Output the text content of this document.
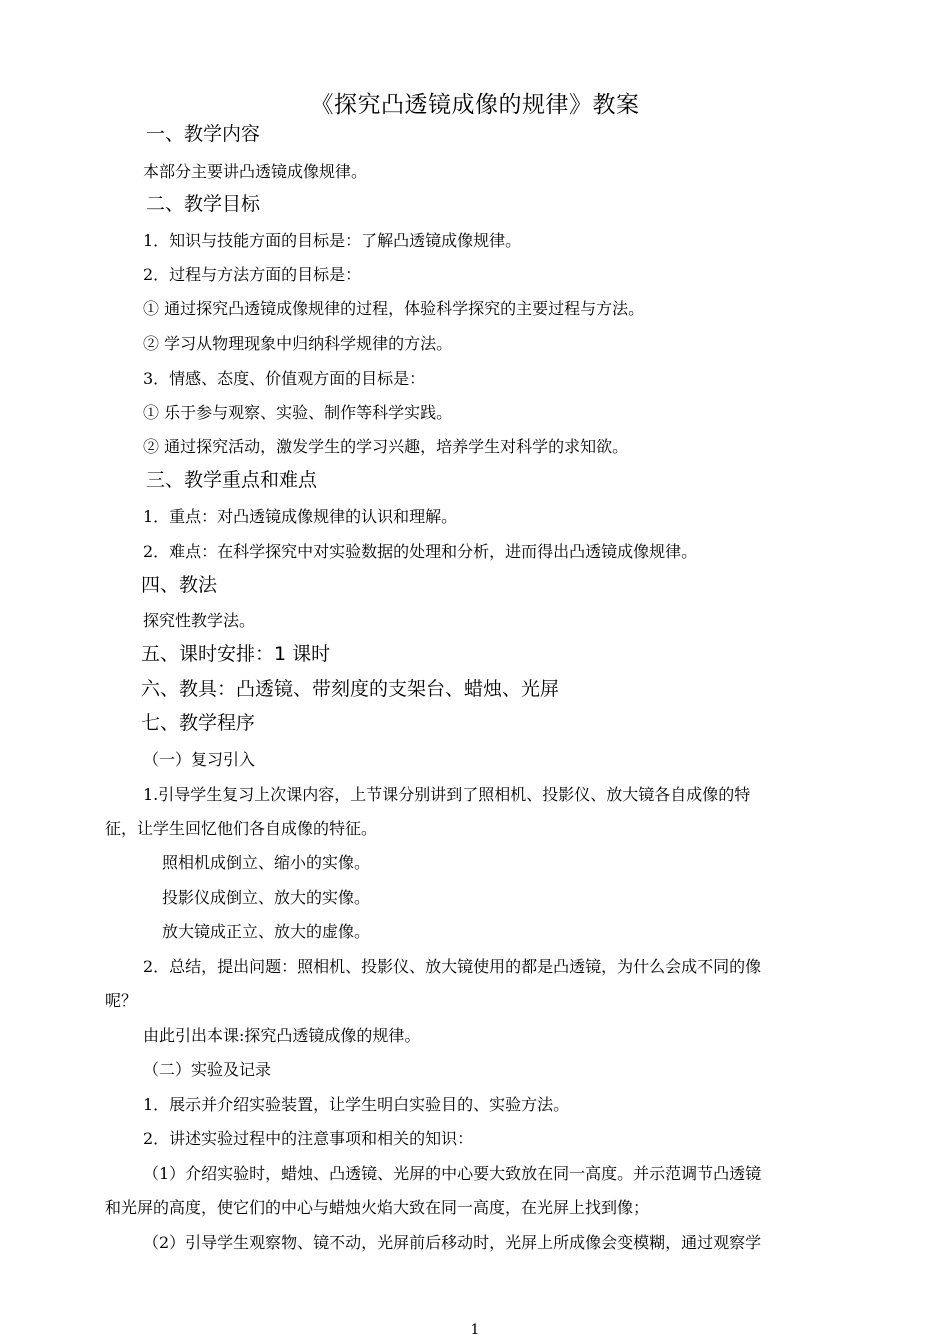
《探究凸透镜成像的规律》教案
一、教学内容
本部分主要讲凸透镜成像规律。
二、教学目标
1．知识与技能方面的目标是：了解凸透镜成像规律。
2．过程与方法方面的目标是：
① 通过探究凸透镜成像规律的过程，体验科学探究的主要过程与方法。
② 学习从物理现象中归纳科学规律的方法。
3．情感、态度、价值观方面的目标是：
① 乐于参与观察、实验、制作等科学实践。
② 通过探究活动，激发学生的学习兴趣，培养学生对科学的求知欲。
三、教学重点和难点
1．重点：对凸透镜成像规律的认识和理解。
2．难点：在科学探究中对实验数据的处理和分析，进而得出凸透镜成像规律。
四、教法
探究性教学法。
五、课时安排：1 课时
六、教具：凸透镜、带刻度的支架台、蜡烛、光屏
七、教学程序
（一）复习引入
1.引导学生复习上次课内容，上节课分别讲到了照相机、投影仪、放大镜各自成像的特
征，让学生回忆他们各自成像的特征。
照相机成倒立、缩小的实像。
投影仪成倒立、放大的实像。
放大镜成正立、放大的虚像。
2．总结，提出问题：照相机、投影仪、放大镜使用的都是凸透镜，为什么会成不同的像
呢？
由此引出本课:探究凸透镜成像的规律。
（二）实验及记录
1．展示并介绍实验装置，让学生明白实验目的、实验方法。
2．讲述实验过程中的注意事项和相关的知识：
（1）介绍实验时，蜡烛、凸透镜、光屏的中心要大致放在同一高度。并示范调节凸透镜
和光屏的高度，使它们的中心与蜡烛火焰大致在同一高度，在光屏上找到像；
（2）引导学生观察物、镜不动，光屏前后移动时，光屏上所成像会变模糊，通过观察学
1
